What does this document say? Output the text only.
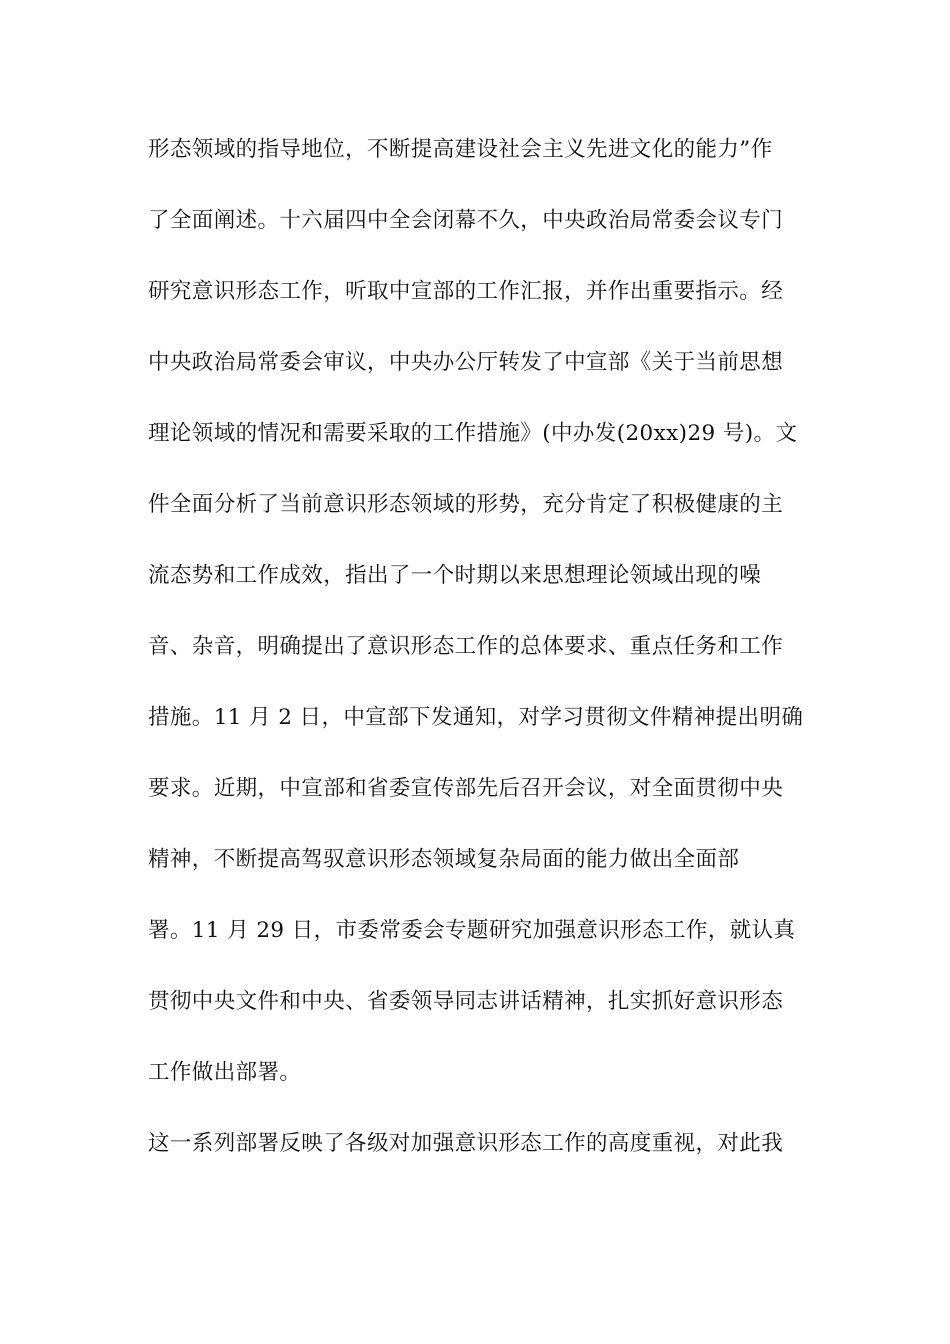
形态领域的指导地位，不断提高建设社会主义先进文化的能力”作
了全面阐述。十六届四中全会闭幕不久，中央政治局常委会议专门
研究意识形态工作，听取中宣部的工作汇报，并作出重要指示。经
中央政治局常委会审议，中央办公厅转发了中宣部《关于当前思想
理论领域的情况和需要采取的工作措施》(中办发(20xx)29 号)。文
件全面分析了当前意识形态领域的形势，充分肯定了积极健康的主
流态势和工作成效，指出了一个时期以来思想理论领域出现的噪
音、杂音，明确提出了意识形态工作的总体要求、重点任务和工作
措施。11 月 2 日，中宣部下发通知，对学习贯彻文件精神提出明确
要求。近期，中宣部和省委宣传部先后召开会议，对全面贯彻中央
精神，不断提高驾驭意识形态领域复杂局面的能力做出全面部
署。11 月 29 日，市委常委会专题研究加强意识形态工作，就认真
贯彻中央文件和中央、省委领导同志讲话精神，扎实抓好意识形态
工作做出部署。
这一系列部署反映了各级对加强意识形态工作的高度重视，对此我
